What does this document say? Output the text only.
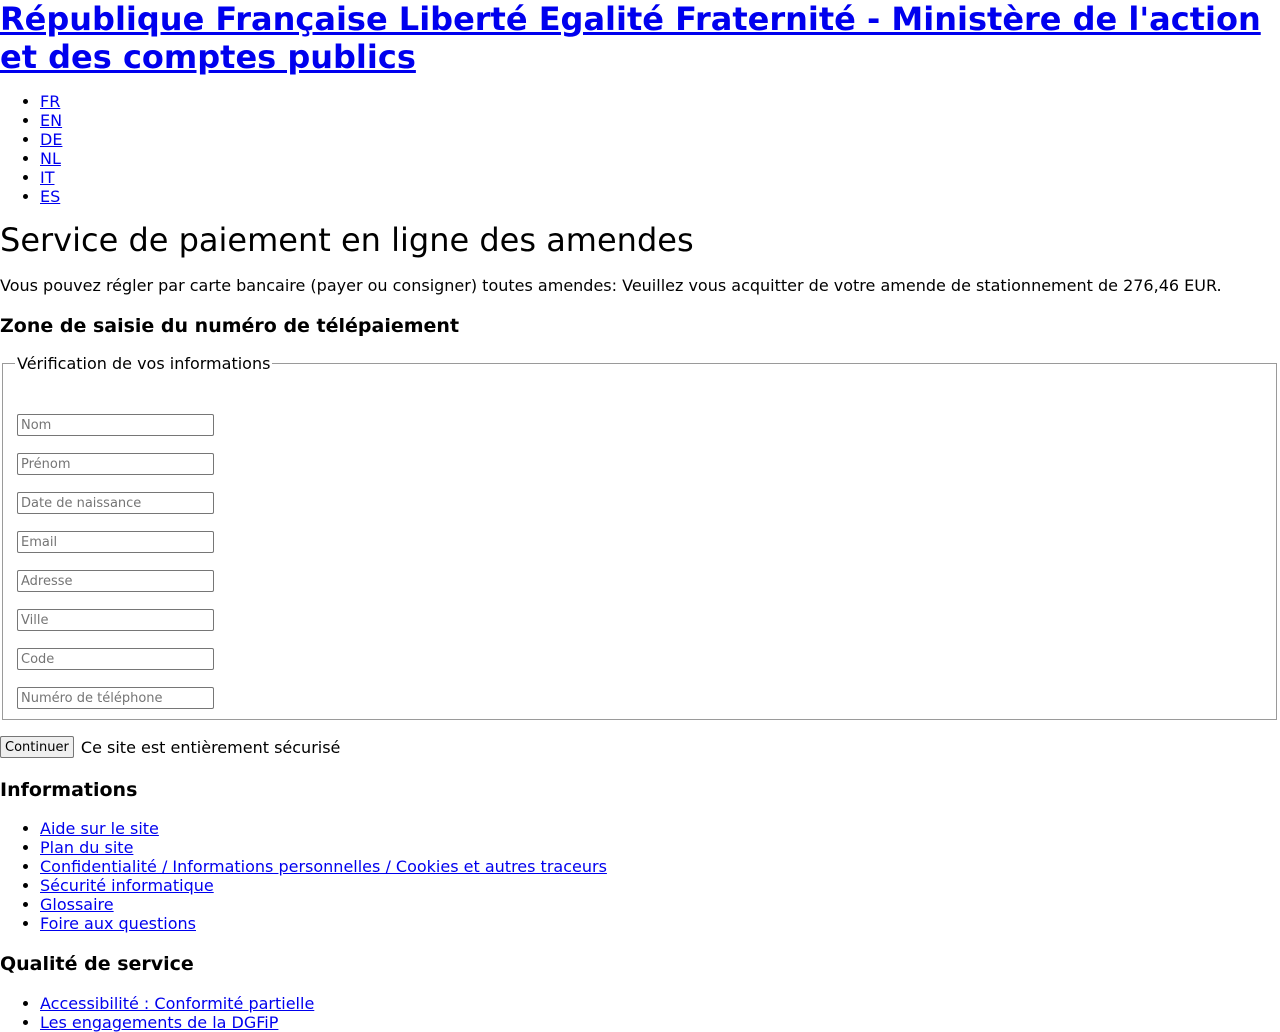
République Française Liberté Egalité Fraternité - Ministère de l'action et des comptes publics
• FR
• EN
• DE
• NL
• IT
• ES
Service de paiement en ligne des amendes

Vous pouvez régler par carte bancaire (payer ou consigner) toutes amendes: Veuillez vous acquitter de votre amende de stationnement de 276,46 EUR.

Zone de saisie du numéro de télépaiement
Vérification de vos informations
Nom
Prénom
Date de naissance
Email
Adresse
Ville
Code
Numéro de téléphone
Continuer Ce site est entièrement sécurisé
Informations
• Aide sur le site
• Plan du site
• Confidentialité / Informations personnelles / Cookies et autres traceurs
• Sécurité informatique
• Glossaire
• Foire aux questions
Qualité de service
• Accessibilité : Conformité partielle
• Les engagements de la DGFiP
